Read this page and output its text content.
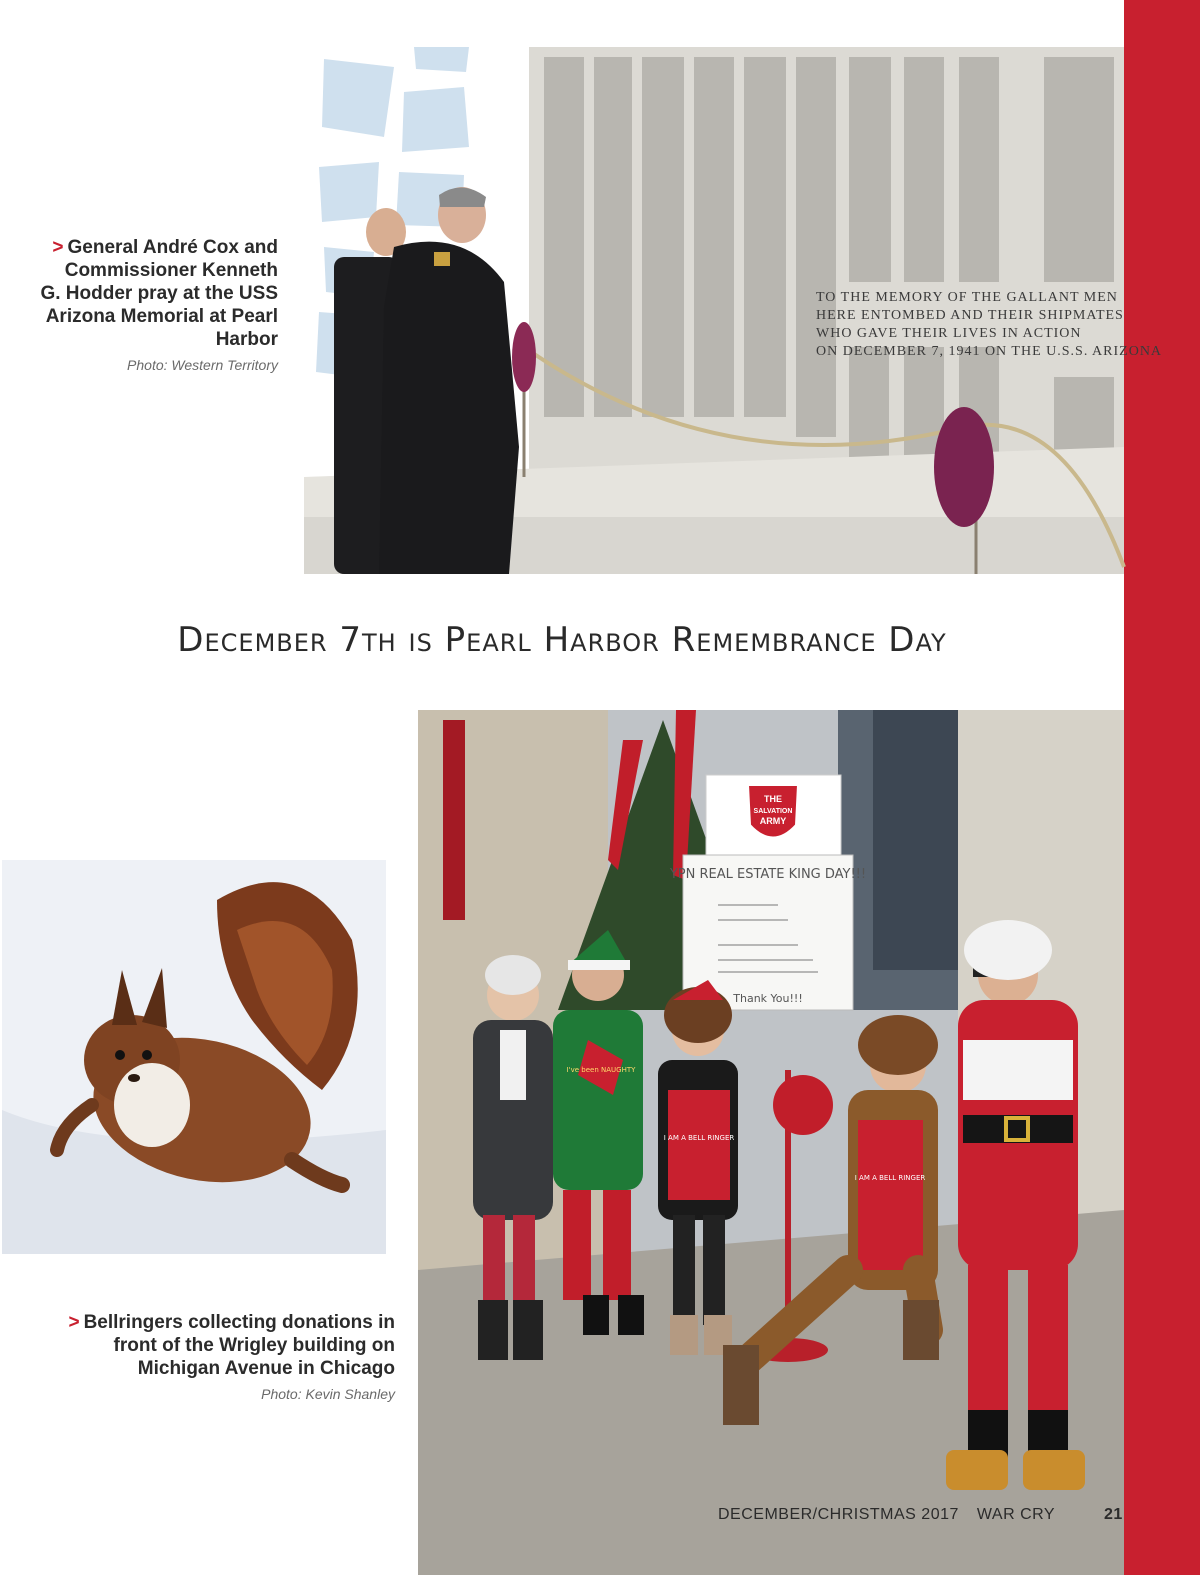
TO THE MEMORY OF THE GALLANT MEN
HERE ENTOMBED AND THEIR SHIPMATES
WHO GAVE THEIR LIVES IN ACTION
ON DECEMBER 7, 1941 ON THE U.S.S. ARIZONA
> General André Cox and Commissioner Kenneth G. Hodder pray at the USS Arizona Memorial at Pearl Harbor
Photo: Western Territory
December 7th is Pearl Harbor Remembrance Day
> Bellringers collecting donations in front of the Wrigley building on Michigan Avenue in Chicago
Photo: Kevin Shanley
THE
SALVATION
ARMY
YPN REAL ESTATE KING DAY!!!
Thank You!!!
I've been NAUGHTY
I AM A BELL RINGER
I AM A BELL RINGER
DECEMBER/CHRISTMAS 2017 WAR CRY	21
